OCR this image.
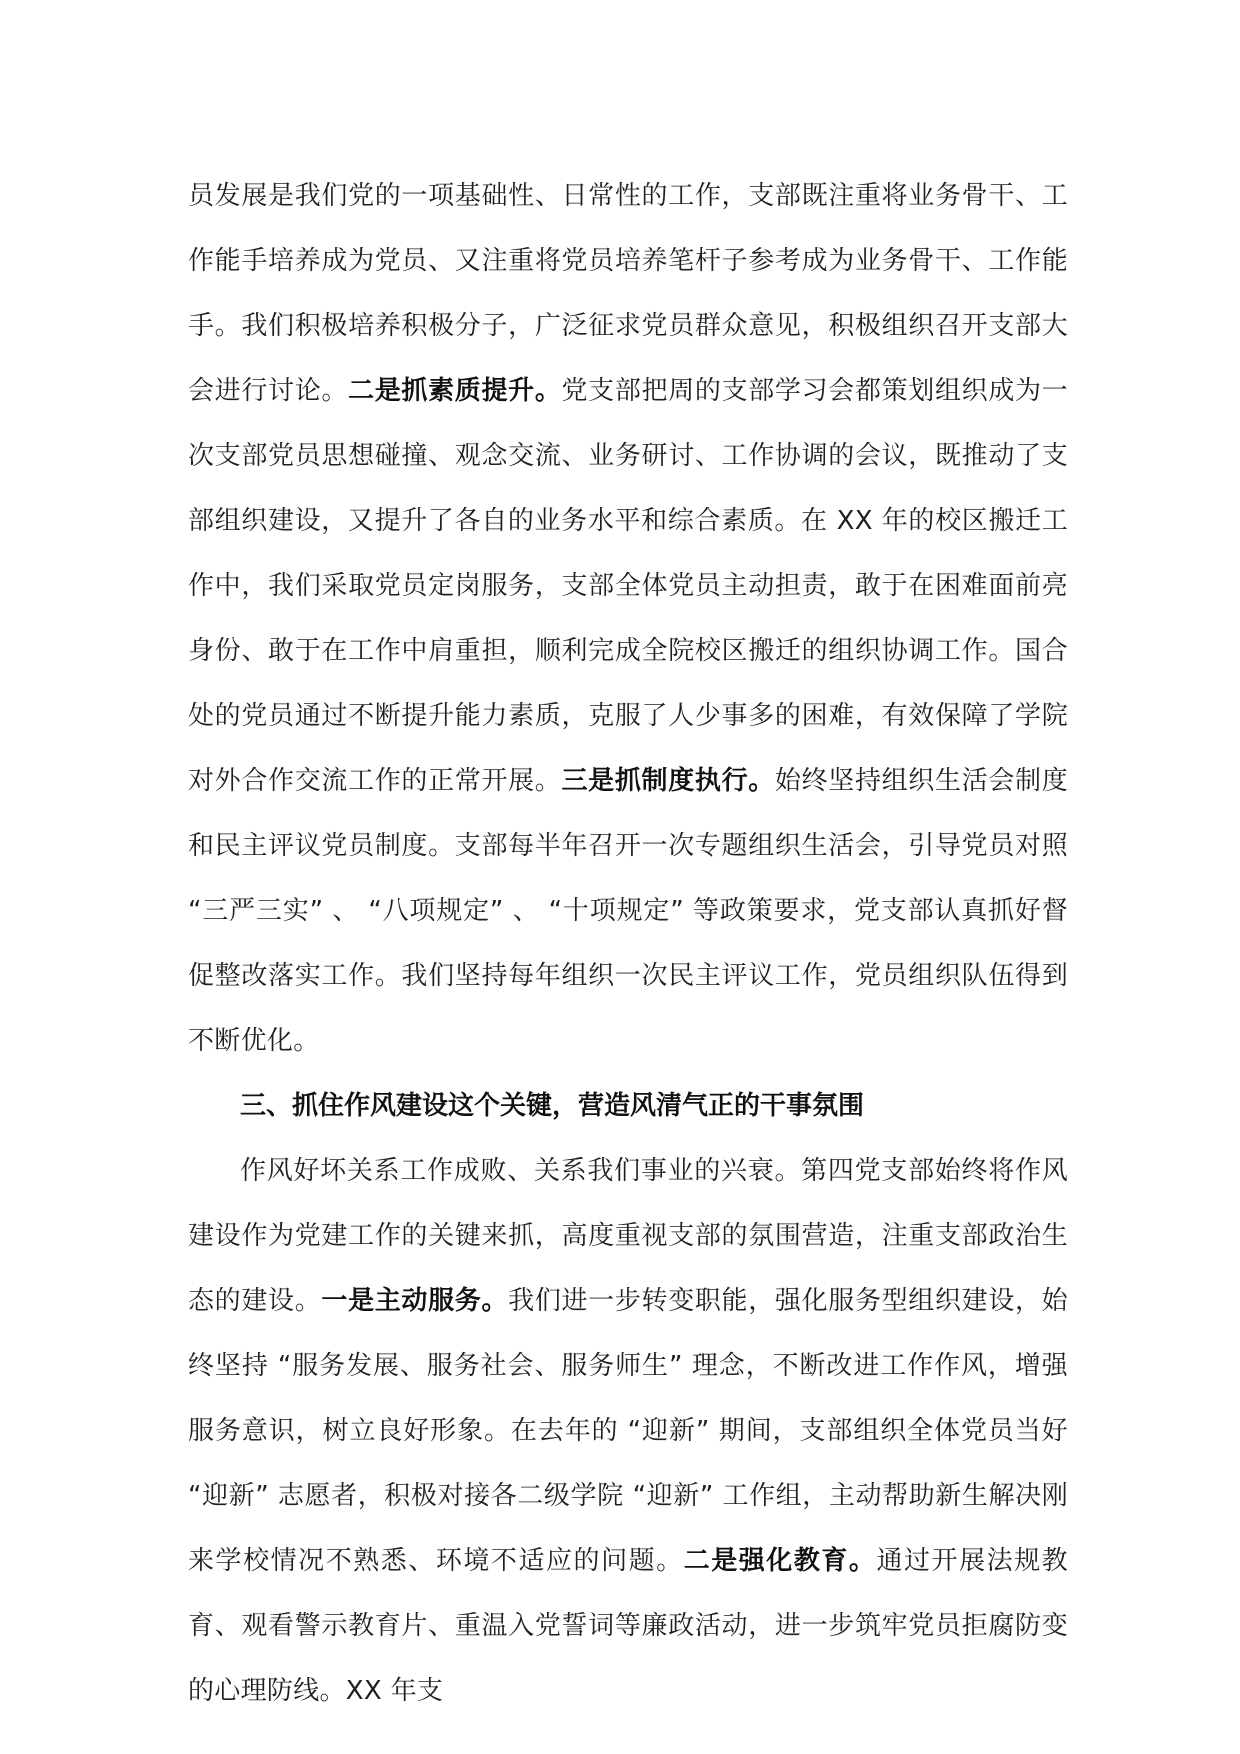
员发展是我们党的一项基础性、日常性的工作，支部既注重将业务骨干、工作能手培养成为党员、又注重将党员培养笔杆子参考成为业务骨干、工作能手。我们积极培养积极分子，广泛征求党员群众意见，积极组织召开支部大会进行讨论。二是抓素质提升。党支部把周的支部学习会都策划组织成为一次支部党员思想碰撞、观念交流、业务研讨、工作协调的会议，既推动了支部组织建设，又提升了各自的业务水平和综合素质。在 XX 年的校区搬迁工作中，我们采取党员定岗服务，支部全体党员主动担责，敢于在困难面前亮身份、敢于在工作中肩重担，顺利完成全院校区搬迁的组织协调工作。国合处的党员通过不断提升能力素质，克服了人少事多的困难，有效保障了学院对外合作交流工作的正常开展。三是抓制度执行。始终坚持组织生活会制度和民主评议党员制度。支部每半年召开一次专题组织生活会，引导党员对照 “三严三实” 、 “八项规定” 、 “十项规定” 等政策要求，党支部认真抓好督促整改落实工作。我们坚持每年组织一次民主评议工作，党员组织队伍得到不断优化。

三、抓住作风建设这个关键，营造风清气正的干事氛围

作风好坏关系工作成败、关系我们事业的兴衰。第四党支部始终将作风建设作为党建工作的关键来抓，高度重视支部的氛围营造，注重支部政治生态的建设。一是主动服务。我们进一步转变职能，强化服务型组织建设，始终坚持 “服务发展、服务社会、服务师生” 理念，不断改进工作作风，增强服务意识，树立良好形象。在去年的 “迎新” 期间，支部组织全体党员当好 “迎新” 志愿者，积极对接各二级学院 “迎新” 工作组，主动帮助新生解决刚来学校情况不熟悉、环境不适应的问题。二是强化教育。通过开展法规教育、观看警示教育片、重温入党誓词等廉政活动，进一步筑牢党员拒腐防变的心理防线。XX 年支
